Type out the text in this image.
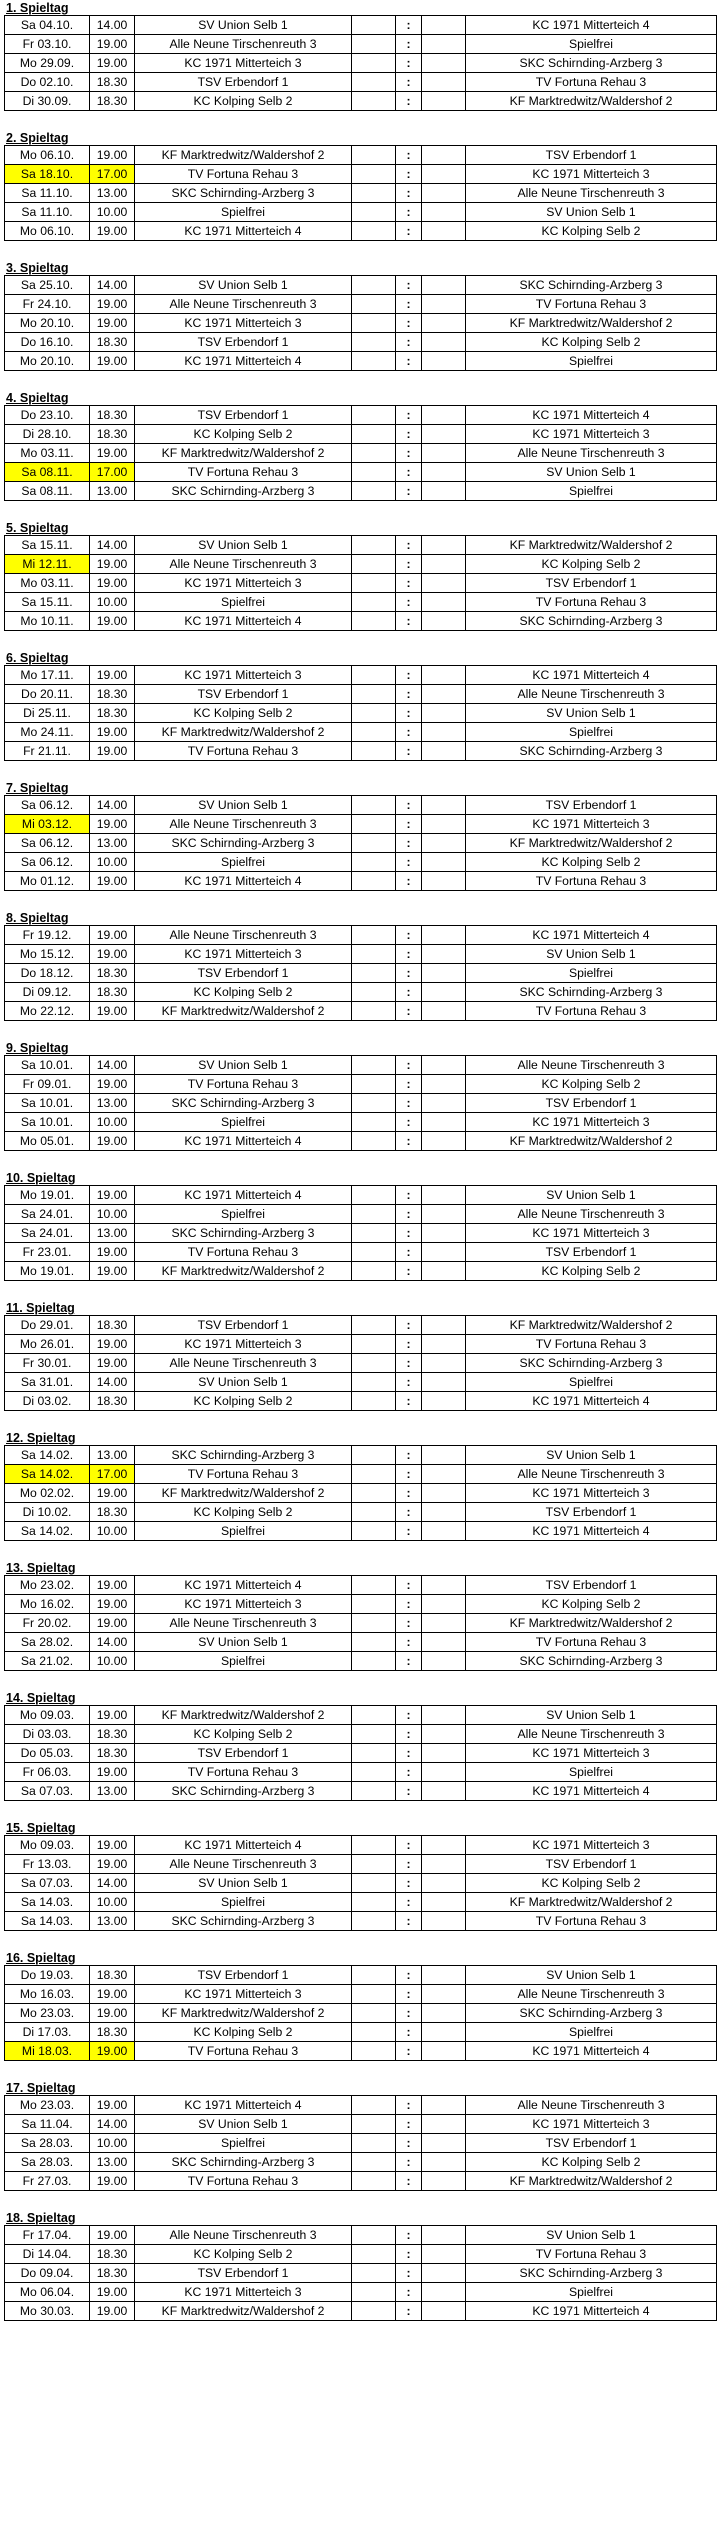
1. Spieltag
Sa 04.10.	14.00	SV Union Selb 1		:		KC 1971 Mitterteich 4
Fr 03.10.	19.00	Alle Neune Tirschenreuth 3		:		Spielfrei
Mo 29.09.	19.00	KC 1971 Mitterteich 3		:		SKC Schirnding-Arzberg 3
Do 02.10.	18.30	TSV Erbendorf 1		:		TV Fortuna Rehau 3
Di 30.09.	18.30	KC Kolping Selb 2		:		KF Marktredwitz/Waldershof 2
2. Spieltag
Mo 06.10.	19.00	KF Marktredwitz/Waldershof 2		:		TSV Erbendorf 1
Sa 18.10.	17.00	TV Fortuna Rehau 3		:		KC 1971 Mitterteich 3
Sa 11.10.	13.00	SKC Schirnding-Arzberg 3		:		Alle Neune Tirschenreuth 3
Sa 11.10.	10.00	Spielfrei		:		SV Union Selb 1
Mo 06.10.	19.00	KC 1971 Mitterteich 4		:		KC Kolping Selb 2
3. Spieltag
Sa 25.10.	14.00	SV Union Selb 1		:		SKC Schirnding-Arzberg 3
Fr 24.10.	19.00	Alle Neune Tirschenreuth 3		:		TV Fortuna Rehau 3
Mo 20.10.	19.00	KC 1971 Mitterteich 3		:		KF Marktredwitz/Waldershof 2
Do 16.10.	18.30	TSV Erbendorf 1		:		KC Kolping Selb 2
Mo 20.10.	19.00	KC 1971 Mitterteich 4		:		Spielfrei
4. Spieltag
Do 23.10.	18.30	TSV Erbendorf 1		:		KC 1971 Mitterteich 4
Di 28.10.	18.30	KC Kolping Selb 2		:		KC 1971 Mitterteich 3
Mo 03.11.	19.00	KF Marktredwitz/Waldershof 2		:		Alle Neune Tirschenreuth 3
Sa 08.11.	17.00	TV Fortuna Rehau 3		:		SV Union Selb 1
Sa 08.11.	13.00	SKC Schirnding-Arzberg 3		:		Spielfrei
5. Spieltag
Sa 15.11.	14.00	SV Union Selb 1		:		KF Marktredwitz/Waldershof 2
Mi 12.11.	19.00	Alle Neune Tirschenreuth 3		:		KC Kolping Selb 2
Mo 03.11.	19.00	KC 1971 Mitterteich 3		:		TSV Erbendorf 1
Sa 15.11.	10.00	Spielfrei		:		TV Fortuna Rehau 3
Mo 10.11.	19.00	KC 1971 Mitterteich 4		:		SKC Schirnding-Arzberg 3
6. Spieltag
Mo 17.11.	19.00	KC 1971 Mitterteich 3		:		KC 1971 Mitterteich 4
Do 20.11.	18.30	TSV Erbendorf 1		:		Alle Neune Tirschenreuth 3
Di 25.11.	18.30	KC Kolping Selb 2		:		SV Union Selb 1
Mo 24.11.	19.00	KF Marktredwitz/Waldershof 2		:		Spielfrei
Fr 21.11.	19.00	TV Fortuna Rehau 3		:		SKC Schirnding-Arzberg 3
7. Spieltag
Sa 06.12.	14.00	SV Union Selb 1		:		TSV Erbendorf 1
Mi 03.12.	19.00	Alle Neune Tirschenreuth 3		:		KC 1971 Mitterteich 3
Sa 06.12.	13.00	SKC Schirnding-Arzberg 3		:		KF Marktredwitz/Waldershof 2
Sa 06.12.	10.00	Spielfrei		:		KC Kolping Selb 2
Mo 01.12.	19.00	KC 1971 Mitterteich 4		:		TV Fortuna Rehau 3
8. Spieltag
Fr 19.12.	19.00	Alle Neune Tirschenreuth 3		:		KC 1971 Mitterteich 4
Mo 15.12.	19.00	KC 1971 Mitterteich 3		:		SV Union Selb 1
Do 18.12.	18.30	TSV Erbendorf 1		:		Spielfrei
Di 09.12.	18.30	KC Kolping Selb 2		:		SKC Schirnding-Arzberg 3
Mo 22.12.	19.00	KF Marktredwitz/Waldershof 2		:		TV Fortuna Rehau 3
9. Spieltag
Sa 10.01.	14.00	SV Union Selb 1		:		Alle Neune Tirschenreuth 3
Fr 09.01.	19.00	TV Fortuna Rehau 3		:		KC Kolping Selb 2
Sa 10.01.	13.00	SKC Schirnding-Arzberg 3		:		TSV Erbendorf 1
Sa 10.01.	10.00	Spielfrei		:		KC 1971 Mitterteich 3
Mo 05.01.	19.00	KC 1971 Mitterteich 4		:		KF Marktredwitz/Waldershof 2
10. Spieltag
Mo 19.01.	19.00	KC 1971 Mitterteich 4		:		SV Union Selb 1
Sa 24.01.	10.00	Spielfrei		:		Alle Neune Tirschenreuth 3
Sa 24.01.	13.00	SKC Schirnding-Arzberg 3		:		KC 1971 Mitterteich 3
Fr 23.01.	19.00	TV Fortuna Rehau 3		:		TSV Erbendorf 1
Mo 19.01.	19.00	KF Marktredwitz/Waldershof 2		:		KC Kolping Selb 2
11. Spieltag
Do 29.01.	18.30	TSV Erbendorf 1		:		KF Marktredwitz/Waldershof 2
Mo 26.01.	19.00	KC 1971 Mitterteich 3		:		TV Fortuna Rehau 3
Fr 30.01.	19.00	Alle Neune Tirschenreuth 3		:		SKC Schirnding-Arzberg 3
Sa 31.01.	14.00	SV Union Selb 1		:		Spielfrei
Di 03.02.	18.30	KC Kolping Selb 2		:		KC 1971 Mitterteich 4
12. Spieltag
Sa 14.02.	13.00	SKC Schirnding-Arzberg 3		:		SV Union Selb 1
Sa 14.02.	17.00	TV Fortuna Rehau 3		:		Alle Neune Tirschenreuth 3
Mo 02.02.	19.00	KF Marktredwitz/Waldershof 2		:		KC 1971 Mitterteich 3
Di 10.02.	18.30	KC Kolping Selb 2		:		TSV Erbendorf 1
Sa 14.02.	10.00	Spielfrei		:		KC 1971 Mitterteich 4
13. Spieltag
Mo 23.02.	19.00	KC 1971 Mitterteich 4		:		TSV Erbendorf 1
Mo 16.02.	19.00	KC 1971 Mitterteich 3		:		KC Kolping Selb 2
Fr 20.02.	19.00	Alle Neune Tirschenreuth 3		:		KF Marktredwitz/Waldershof 2
Sa 28.02.	14.00	SV Union Selb 1		:		TV Fortuna Rehau 3
Sa 21.02.	10.00	Spielfrei		:		SKC Schirnding-Arzberg 3
14. Spieltag
Mo 09.03.	19.00	KF Marktredwitz/Waldershof 2		:		SV Union Selb 1
Di 03.03.	18.30	KC Kolping Selb 2		:		Alle Neune Tirschenreuth 3
Do 05.03.	18.30	TSV Erbendorf 1		:		KC 1971 Mitterteich 3
Fr 06.03.	19.00	TV Fortuna Rehau 3		:		Spielfrei
Sa 07.03.	13.00	SKC Schirnding-Arzberg 3		:		KC 1971 Mitterteich 4
15. Spieltag
Mo 09.03.	19.00	KC 1971 Mitterteich 4		:		KC 1971 Mitterteich 3
Fr 13.03.	19.00	Alle Neune Tirschenreuth 3		:		TSV Erbendorf 1
Sa 07.03.	14.00	SV Union Selb 1		:		KC Kolping Selb 2
Sa 14.03.	10.00	Spielfrei		:		KF Marktredwitz/Waldershof 2
Sa 14.03.	13.00	SKC Schirnding-Arzberg 3		:		TV Fortuna Rehau 3
16. Spieltag
Do 19.03.	18.30	TSV Erbendorf 1		:		SV Union Selb 1
Mo 16.03.	19.00	KC 1971 Mitterteich 3		:		Alle Neune Tirschenreuth 3
Mo 23.03.	19.00	KF Marktredwitz/Waldershof 2		:		SKC Schirnding-Arzberg 3
Di 17.03.	18.30	KC Kolping Selb 2		:		Spielfrei
Mi 18.03.	19.00	TV Fortuna Rehau 3		:		KC 1971 Mitterteich 4
17. Spieltag
Mo 23.03.	19.00	KC 1971 Mitterteich 4		:		Alle Neune Tirschenreuth 3
Sa 11.04.	14.00	SV Union Selb 1		:		KC 1971 Mitterteich 3
Sa 28.03.	10.00	Spielfrei		:		TSV Erbendorf 1
Sa 28.03.	13.00	SKC Schirnding-Arzberg 3		:		KC Kolping Selb 2
Fr 27.03.	19.00	TV Fortuna Rehau 3		:		KF Marktredwitz/Waldershof 2
18. Spieltag
Fr 17.04.	19.00	Alle Neune Tirschenreuth 3		:		SV Union Selb 1
Di 14.04.	18.30	KC Kolping Selb 2		:		TV Fortuna Rehau 3
Do 09.04.	18.30	TSV Erbendorf 1		:		SKC Schirnding-Arzberg 3
Mo 06.04.	19.00	KC 1971 Mitterteich 3		:		Spielfrei
Mo 30.03.	19.00	KF Marktredwitz/Waldershof 2		:		KC 1971 Mitterteich 4
